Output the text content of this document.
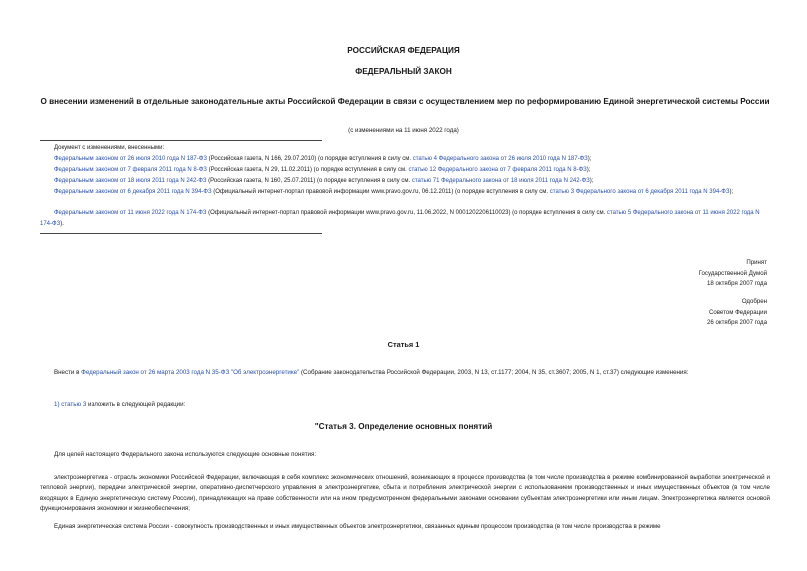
РОССИЙСКАЯ ФЕДЕРАЦИЯ
ФЕДЕРАЛЬНЫЙ ЗАКОН
О внесении изменений в отдельные законодательные акты Российской Федерации в связи с осуществлением мер по реформированию Единой энергетической системы России
(с изменениями на 11 июня 2022 года)
Документ с изменениями, внесенными:
Федеральным законом от 26 июля 2010 года N 187-ФЗ (Российская газета, N 166, 29.07.2010) (о порядке вступления в силу см. статью 4 Федерального закона от 26 июля 2010 года N 187-ФЗ);
Федеральным законом от 7 февраля 2011 года N 8-ФЗ (Российская газета, N 29, 11.02.2011) (о порядке вступления в силу см. статью 12 Федерального закона от 7 февраля 2011 года N 8-ФЗ);
Федеральным законом от 18 июля 2011 года N 242-ФЗ (Российская газета, N 160, 25.07.2011) (о порядке вступления в силу см. статью 71 Федерального закона от 18 июля 2011 года N 242-ФЗ);
Федеральным законом от 6 декабря 2011 года N 394-ФЗ (Официальный интернет-портал правовой информации www.pravo.gov.ru, 06.12.2011) (о порядке вступления в силу см. статью 3 Федерального закона от 6 декабря 2011 года N 394-ФЗ);
Федеральным законом от 11 июня 2022 года N 174-ФЗ (Официальный интернет-портал правовой информации www.pravo.gov.ru, 11.06.2022, N 0001202206110023) (о порядке вступления в силу см. статью 5 Федерального закона от 11 июня 2022 года N 174-ФЗ).
Принят
Государственной Думой
18 октября 2007 года
Одобрен
Советом Федерации
26 октября 2007 года
Статья 1
Внести в Федеральный закон от 26 марта 2003 года N 35-ФЗ "Об электроэнергетике" (Собрание законодательства Российской Федерации, 2003, N 13, ст.1177; 2004, N 35, ст.3607; 2005, N 1, ст.37) следующие изменения:
1) статью 3 изложить в следующей редакции:
"Статья 3. Определение основных понятий
Для целей настоящего Федерального закона используются следующие основные понятия:
электроэнергетика - отрасль экономики Российской Федерации, включающая в себя комплекс экономических отношений, возникающих в процессе производства (в том числе производства в режиме комбинированной выработки электрической и тепловой энергии), передачи электрической энергии, оперативно-диспетчерского управления в электроэнергетике, сбыта и потребления электрической энергии с использованием производственных и иных имущественных объектов (в том числе входящих в Единую энергетическую систему России), принадлежащих на праве собственности или на ином предусмотренном федеральными законами основании субъектам электроэнергетики или иным лицам. Электроэнергетика является основой функционирования экономики и жизнеобеспечения;
Единая энергетическая система России - совокупность производственных и иных имущественных объектов электроэнергетики, связанных единым процессом производства (в том числе производства в режиме
